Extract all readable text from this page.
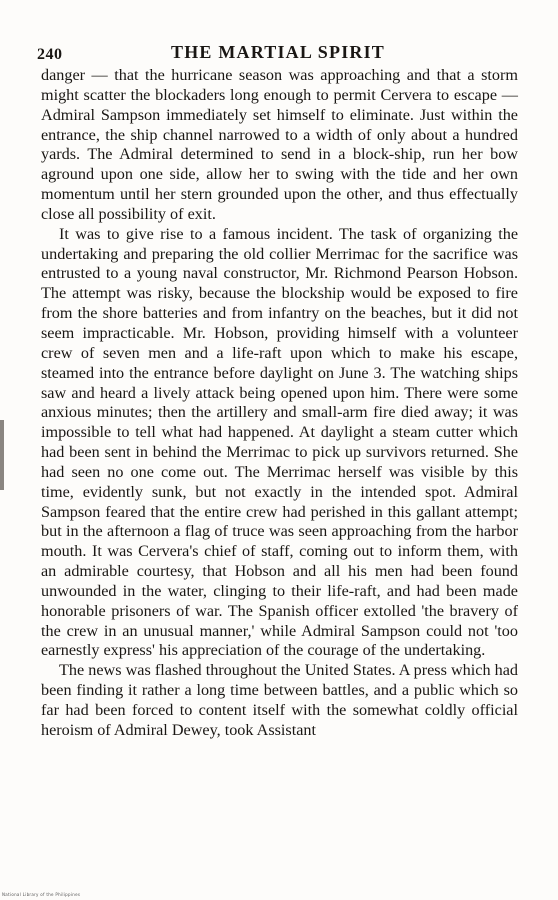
240	THE MARTIAL SPIRIT

danger — that the hurricane season was approaching and that a storm might scatter the blockaders long enough to permit Cervera to escape — Admiral Sampson immediately set himself to eliminate. Just within the entrance, the ship channel narrowed to a width of only about a hundred yards. The Admiral determined to send in a block-ship, run her bow aground upon one side, allow her to swing with the tide and her own momentum until her stern grounded upon the other, and thus effectually close all possibility of exit.

It was to give rise to a famous incident. The task of organizing the undertaking and preparing the old collier Merrimac for the sacrifice was entrusted to a young naval constructor, Mr. Richmond Pearson Hobson. The attempt was risky, because the blockship would be exposed to fire from the shore batteries and from infantry on the beaches, but it did not seem impracticable. Mr. Hobson, providing himself with a volunteer crew of seven men and a life-raft upon which to make his escape, steamed into the entrance before daylight on June 3. The watching ships saw and heard a lively attack being opened upon him. There were some anxious minutes; then the artillery and small-arm fire died away; it was impossible to tell what had happened. At daylight a steam cutter which had been sent in behind the Merrimac to pick up survivors returned. She had seen no one come out. The Merrimac herself was visible by this time, evidently sunk, but not exactly in the intended spot. Admiral Sampson feared that the entire crew had perished in this gallant attempt; but in the afternoon a flag of truce was seen approaching from the harbor mouth. It was Cervera's chief of staff, coming out to inform them, with an admirable courtesy, that Hobson and all his men had been found unwounded in the water, clinging to their life-raft, and had been made honorable prisoners of war. The Spanish officer extolled 'the bravery of the crew in an unusual manner,' while Admiral Sampson could not 'too earnestly express' his appreciation of the courage of the undertaking.

The news was flashed throughout the United States. A press which had been finding it rather a long time between battles, and a public which so far had been forced to content itself with the somewhat coldly official heroism of Admiral Dewey, took Assistant

National Library of the Philippines
